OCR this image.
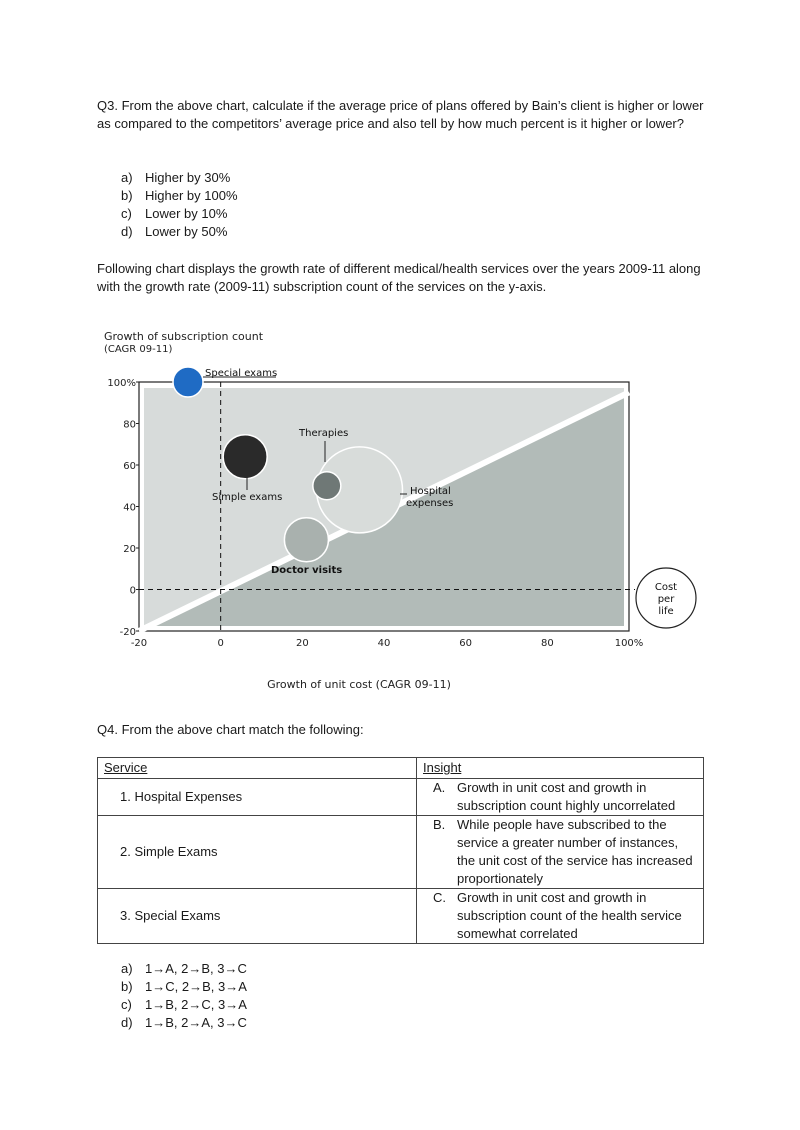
Q3. From the above chart, calculate if the average price of plans offered by Bain’s client is higher or lower as compared to the competitors’ average price and also tell by how much percent is it higher or lower?
a) Higher by 30%
b) Higher by 100%
c) Lower by 10%
d) Lower by 50%
Following chart displays the growth rate of different medical/health services over the years 2009-11 along with the growth rate (2009-11) subscription count of the services on the y-axis.
Growth of subscription count
(CAGR 09-11)
-20
-20
0
0
20
20
40
40
60
60
80
80
100%
100%
Special exams
Therapies
Simple exams
Hospital
expenses
Doctor visits
Cost
per
life
Growth of unit cost (CAGR 09-11)
Q4. From the above chart match the following:
Service	Insight
1. Hospital Expenses	A. Growth in unit cost and growth in subscription count highly uncorrelated

2. Simple Exams	B. While people have subscribed to the service a greater number of instances, the unit cost of the service has increased proportionately

3. Special Exams	C. Growth in unit cost and growth in subscription count of the health service somewhat correlated
a) 1→A, 2→B, 3→C
b) 1→C, 2→B, 3→A
c) 1→B, 2→C, 3→A
d) 1→B, 2→A, 3→C
